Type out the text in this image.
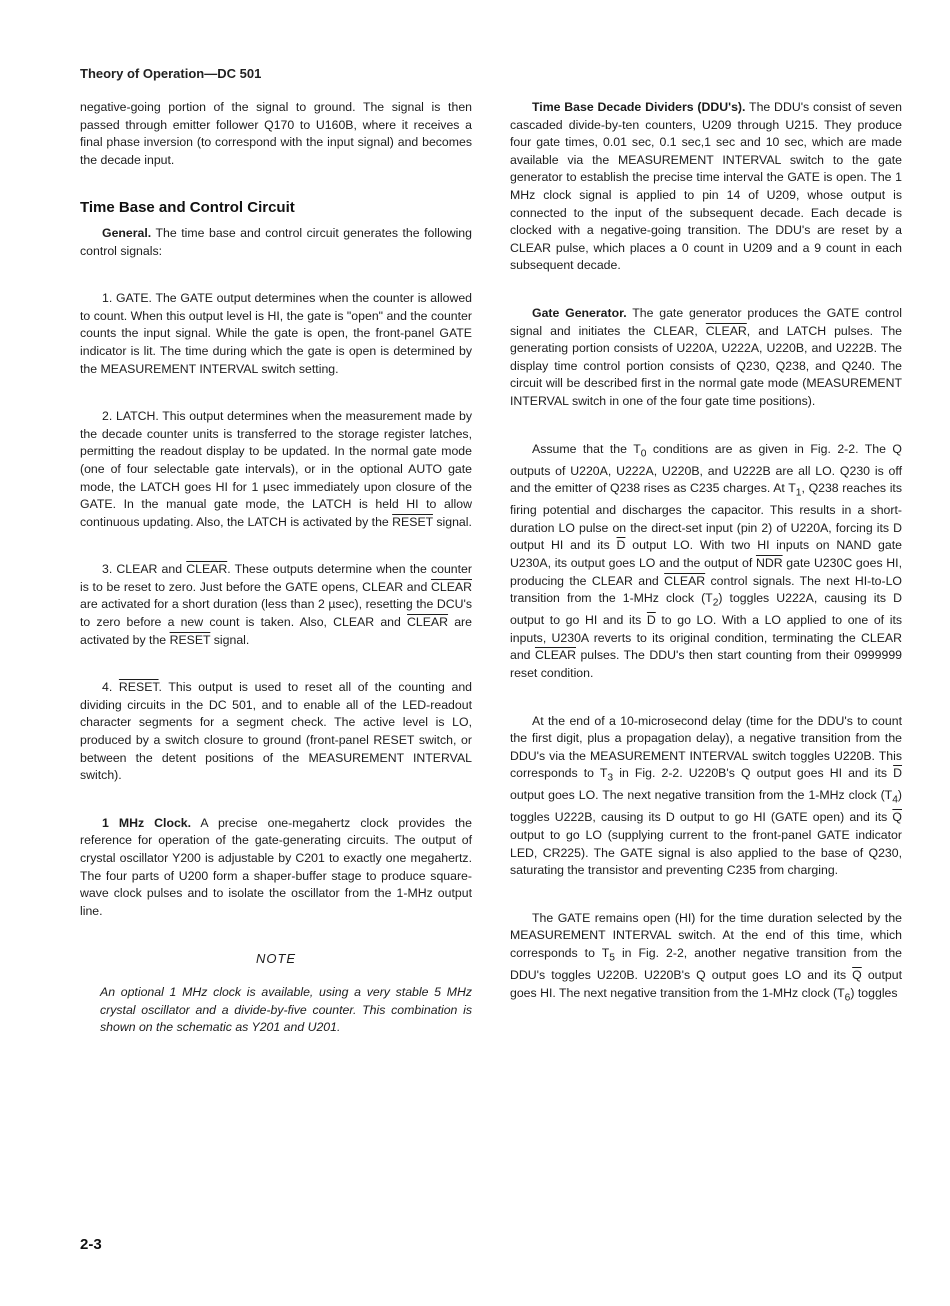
Theory of Operation—DC 501

negative-going portion of the signal to ground. The signal is then passed through emitter follower Q170 to U160B, where it receives a final phase inversion (to correspond with the input signal) and becomes the decade input.

Time Base and Control Circuit

General. The time base and control circuit generates the following control signals:

1. GATE. The GATE output determines when the counter is allowed to count. When this output level is HI, the gate is "open" and the counter counts the input signal. While the gate is open, the front-panel GATE indicator is lit. The time during which the gate is open is determined by the MEASUREMENT INTERVAL switch setting.

2. LATCH. This output determines when the measurement made by the decade counter units is transferred to the storage register latches, permitting the readout display to be updated. In the normal gate mode (one of four selectable gate intervals), or in the optional AUTO gate mode, the LATCH goes HI for 1 µsec immediately upon closure of the GATE. In the manual gate mode, the LATCH is held HI to allow continuous updating. Also, the LATCH is activated by the RESET signal.

3. CLEAR and CLEAR. These outputs determine when the counter is to be reset to zero. Just before the GATE opens, CLEAR and CLEAR are activated for a short duration (less than 2 µsec), resetting the DCU's to zero before a new count is taken. Also, CLEAR and CLEAR are activated by the RESET signal.

4. RESET. This output is used to reset all of the counting and dividing circuits in the DC 501, and to enable all of the LED-readout character segments for a segment check. The active level is LO, produced by a switch closure to ground (front-panel RESET switch, or between the detent positions of the MEASUREMENT INTERVAL switch).

1 MHz Clock. A precise one-megahertz clock provides the reference for operation of the gate-generating circuits. The output of crystal oscillator Y200 is adjustable by C201 to exactly one megahertz. The four parts of U200 form a shaper-buffer stage to produce square-wave clock pulses and to isolate the oscillator from the 1-MHz output line.

NOTE
An optional 1 MHz clock is available, using a very stable 5 MHz crystal oscillator and a divide-by-five counter. This combination is shown on the schematic as Y201 and U201.

Time Base Decade Dividers (DDU's). The DDU's consist of seven cascaded divide-by-ten counters, U209 through U215. They produce four gate times, 0.01 sec, 0.1 sec,1 sec and 10 sec, which are made available via the MEASUREMENT INTERVAL switch to the gate generator to establish the precise time interval the GATE is open. The 1 MHz clock signal is applied to pin 14 of U209, whose output is connected to the input of the subsequent decade. Each decade is clocked with a negative-going transition. The DDU's are reset by a CLEAR pulse, which places a 0 count in U209 and a 9 count in each subsequent decade.

Gate Generator. The gate generator produces the GATE control signal and initiates the CLEAR, CLEAR, and LATCH pulses. The generating portion consists of U220A, U222A, U220B, and U222B. The display time control portion consists of Q230, Q238, and Q240. The circuit will be described first in the normal gate mode (MEASUREMENT INTERVAL switch in one of the four gate time positions).

Assume that the $T_0$ conditions are as given in Fig. 2-2. The Q outputs of U220A, U222A, U220B, and U222B are all LO. Q230 is off and the emitter of Q238 rises as C235 charges. At $T_1$, Q238 reaches its firing potential and discharges the capacitor. This results in a short-duration LO pulse on the direct-set input (pin 2) of U220A, forcing its D output HI and its $\overline{D}$ output LO. With two HI inputs on NAND gate U230A, its output goes LO and the output of $\overline{NDR}$ gate U230C goes HI, producing the CLEAR and CLEAR control signals. The next HI-to-LO transition from the 1-MHz clock $(T_2)$ toggles U222A, causing its D output to go HI and its $\overline{D}$ to go LO. With a LO applied to one of its inputs, U230A reverts to its original condition, terminating the CLEAR and CLEAR pulses. The DDU's then start counting from their 0999999 reset condition.

At the end of a 10-microsecond delay (time for the DDU's to count the first digit, plus a propagation delay), a negative transition from the DDU's via the MEASUREMENT INTERVAL switch toggles U220B. This corresponds to $T_3$ in Fig. 2-2. U220B's Q output goes HI and its $\overline{D}$ output goes LO. The next negative transition from the 1-MHz clock $(T_4)$ toggles U222B, causing its D output to go HI (GATE open) and its $\overline{Q}$ output to go LO (supplying current to the front-panel GATE indicator LED, CR225). The GATE signal is also applied to the base of Q230, saturating the transistor and preventing C235 from charging.

The GATE remains open (HI) for the time duration selected by the MEASUREMENT INTERVAL switch. At the end of this time, which corresponds to $T_5$ in Fig. 2-2, another negative transition from the DDU's toggles U220B. U220B's Q output goes LO and its $\overline{Q}$ output goes HI. The next negative transition from the 1-MHz clock $(T_6)$ toggles

2-3
